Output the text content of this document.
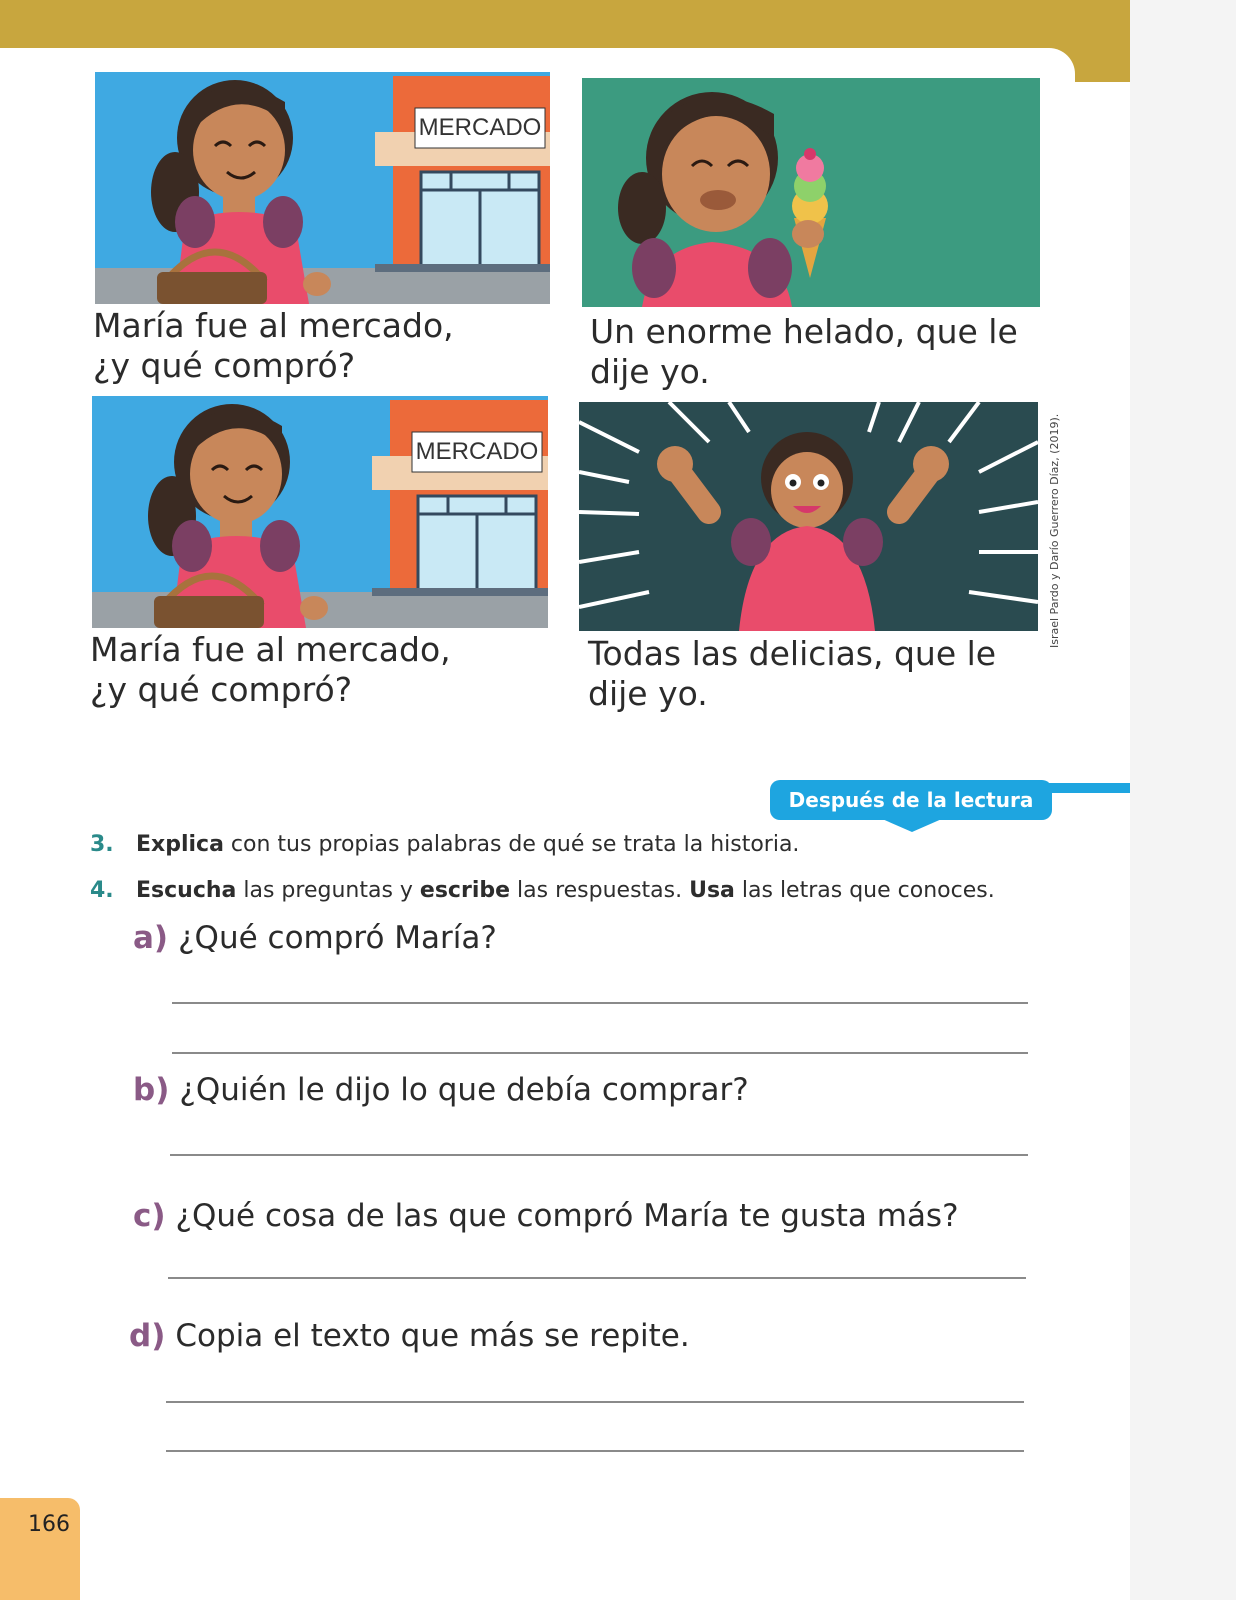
MERCADO
María fue al mercado,
¿y qué compró?
Un enorme helado, que le
dije yo.
MERCADO
María fue al mercado,
¿y qué compró?
Todas las delicias, que le
dije yo.
Israel Pardo y Darío Guerrero Díaz, (2019).
Después de la lectura
3. Explica con tus propias palabras de qué se trata la historia.
4. Escucha las preguntas y escribe las respuestas. Usa las letras que conoces.
a) ¿Qué compró María?
b) ¿Quién le dijo lo que debía comprar?
c) ¿Qué cosa de las que compró María te gusta más?
d) Copia el texto que más se repite.
166
